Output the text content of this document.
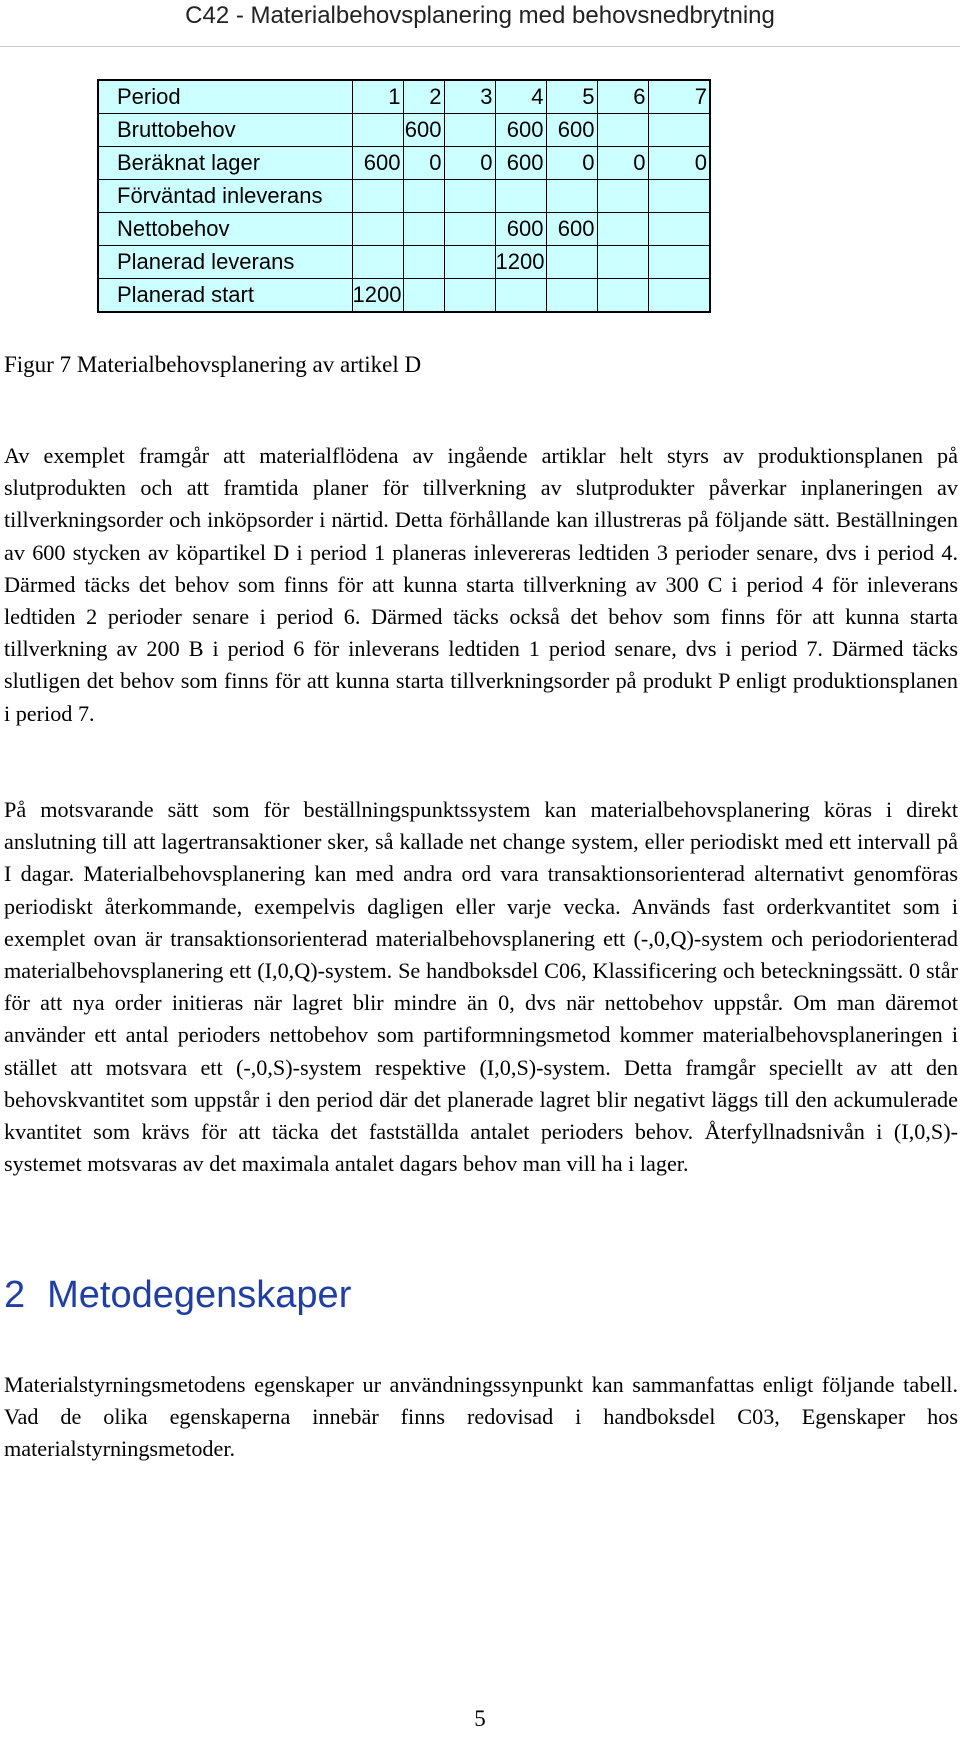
C42 - Materialbehovsplanering med behovsnedbrytning
Period	1	2	3	4	5	6	7
Bruttobehov		600		600	600		
Beräknat lager	600	0	0	600	0	0	0
Förväntad inleverans							
Nettobehov				600	600		
Planerad leverans				1200			
Planerad start	1200						
Figur 7 Materialbehovsplanering av artikel D

Av exemplet framgår att materialflödena av ingående artiklar helt styrs av produktionsplanen på slutprodukten och att framtida planer för tillverkning av slutprodukter påverkar inplaneringen av tillverkningsorder och inköpsorder i närtid. Detta förhållande kan illustreras på följande sätt. Beställningen av 600 stycken av köpartikel D i period 1 planeras inlevereras ledtiden 3 perioder senare, dvs i period 4. Därmed täcks det behov som finns för att kunna starta tillverkning av 300 C i period 4 för inleverans ledtiden 2 perioder senare i period 6. Därmed täcks också det behov som finns för att kunna starta tillverkning av 200 B i period 6 för inleverans ledtiden 1 period senare, dvs i period 7. Därmed täcks slutligen det behov som finns för att kunna starta tillverkningsorder på produkt P enligt produktionsplanen i period 7.

På motsvarande sätt som för beställningspunktssystem kan materialbehovsplanering köras i direkt anslutning till att lagertransaktioner sker, så kallade net change system, eller periodiskt med ett intervall på I dagar. Materialbehovsplanering kan med andra ord vara transaktionsorienterad alternativt genomföras periodiskt återkommande, exempelvis dagligen eller varje vecka. Används fast orderkvantitet som i exemplet ovan är transaktionsorienterad materialbehovsplanering ett (-,0,Q)-system och periodorienterad materialbehovsplanering ett (I,0,Q)-system. Se handboksdel C06, Klassificering och beteckningssätt. 0 står för att nya order initieras när lagret blir mindre än 0, dvs när nettobehov uppstår. Om man däremot använder ett antal perioders nettobehov som partiformningsmetod kommer materialbehovsplaneringen i stället att motsvara ett (-,0,S)-system respektive (I,0,S)-system. Detta framgår speciellt av att den behovskvantitet som uppstår i den period där det planerade lagret blir negativt läggs till den ackumulerade kvantitet som krävs för att täcka det fastställda antalet perioders behov. Återfyllnadsnivån i (I,0,S)-systemet motsvaras av det maximala antalet dagars behov man vill ha i lager.

2 Metodegenskaper

Materialstyrningsmetodens egenskaper ur användningssynpunkt kan sammanfattas enligt följande tabell. Vad de olika egenskaperna innebär finns redovisad i handboksdel C03, Egenskaper hos materialstyrningsmetoder.

5
